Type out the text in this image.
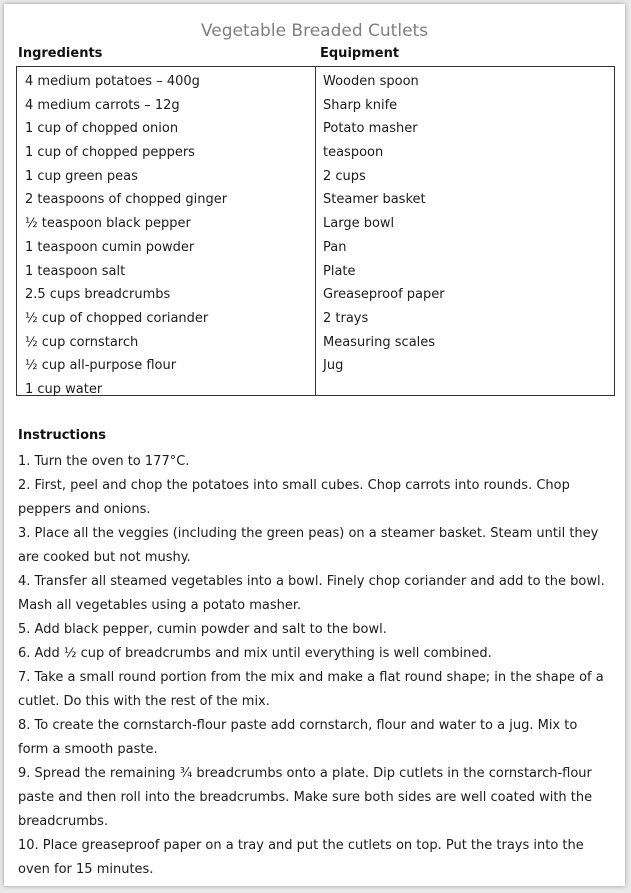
Vegetable Breaded Cutlets
Ingredients	Equipment
4 medium potatoes – 400g
4 medium carrots – 12g
1 cup of chopped onion
1 cup of chopped peppers
1 cup green peas
2 teaspoons of chopped ginger
½ teaspoon black pepper
1 teaspoon cumin powder
1 teaspoon salt
2.5 cups breadcrumbs
½ cup of chopped coriander
½ cup cornstarch
½ cup all-purpose flour
1 cup water
Wooden spoon
Sharp knife
Potato masher
teaspoon
2 cups
Steamer basket
Large bowl
Pan
Plate
Greaseproof paper
2 trays
Measuring scales
Jug
Instructions
1. Turn the oven to 177°C.
2. First, peel and chop the potatoes into small cubes. Chop carrots into rounds. Chop peppers and onions.
3. Place all the veggies (including the green peas) on a steamer basket. Steam until they are cooked but not mushy.
4. Transfer all steamed vegetables into a bowl. Finely chop coriander and add to the bowl. Mash all vegetables using a potato masher.
5. Add black pepper, cumin powder and salt to the bowl.
6. Add ½ cup of breadcrumbs and mix until everything is well combined.
7. Take a small round portion from the mix and make a flat round shape; in the shape of a cutlet. Do this with the rest of the mix.
8. To create the cornstarch-flour paste add cornstarch, flour and water to a jug. Mix to form a smooth paste.
9. Spread the remaining ¾ breadcrumbs onto a plate. Dip cutlets in the cornstarch-flour paste and then roll into the breadcrumbs. Make sure both sides are well coated with the breadcrumbs.
10. Place greaseproof paper on a tray and put the cutlets on top. Put the trays into the oven for 15 minutes.
